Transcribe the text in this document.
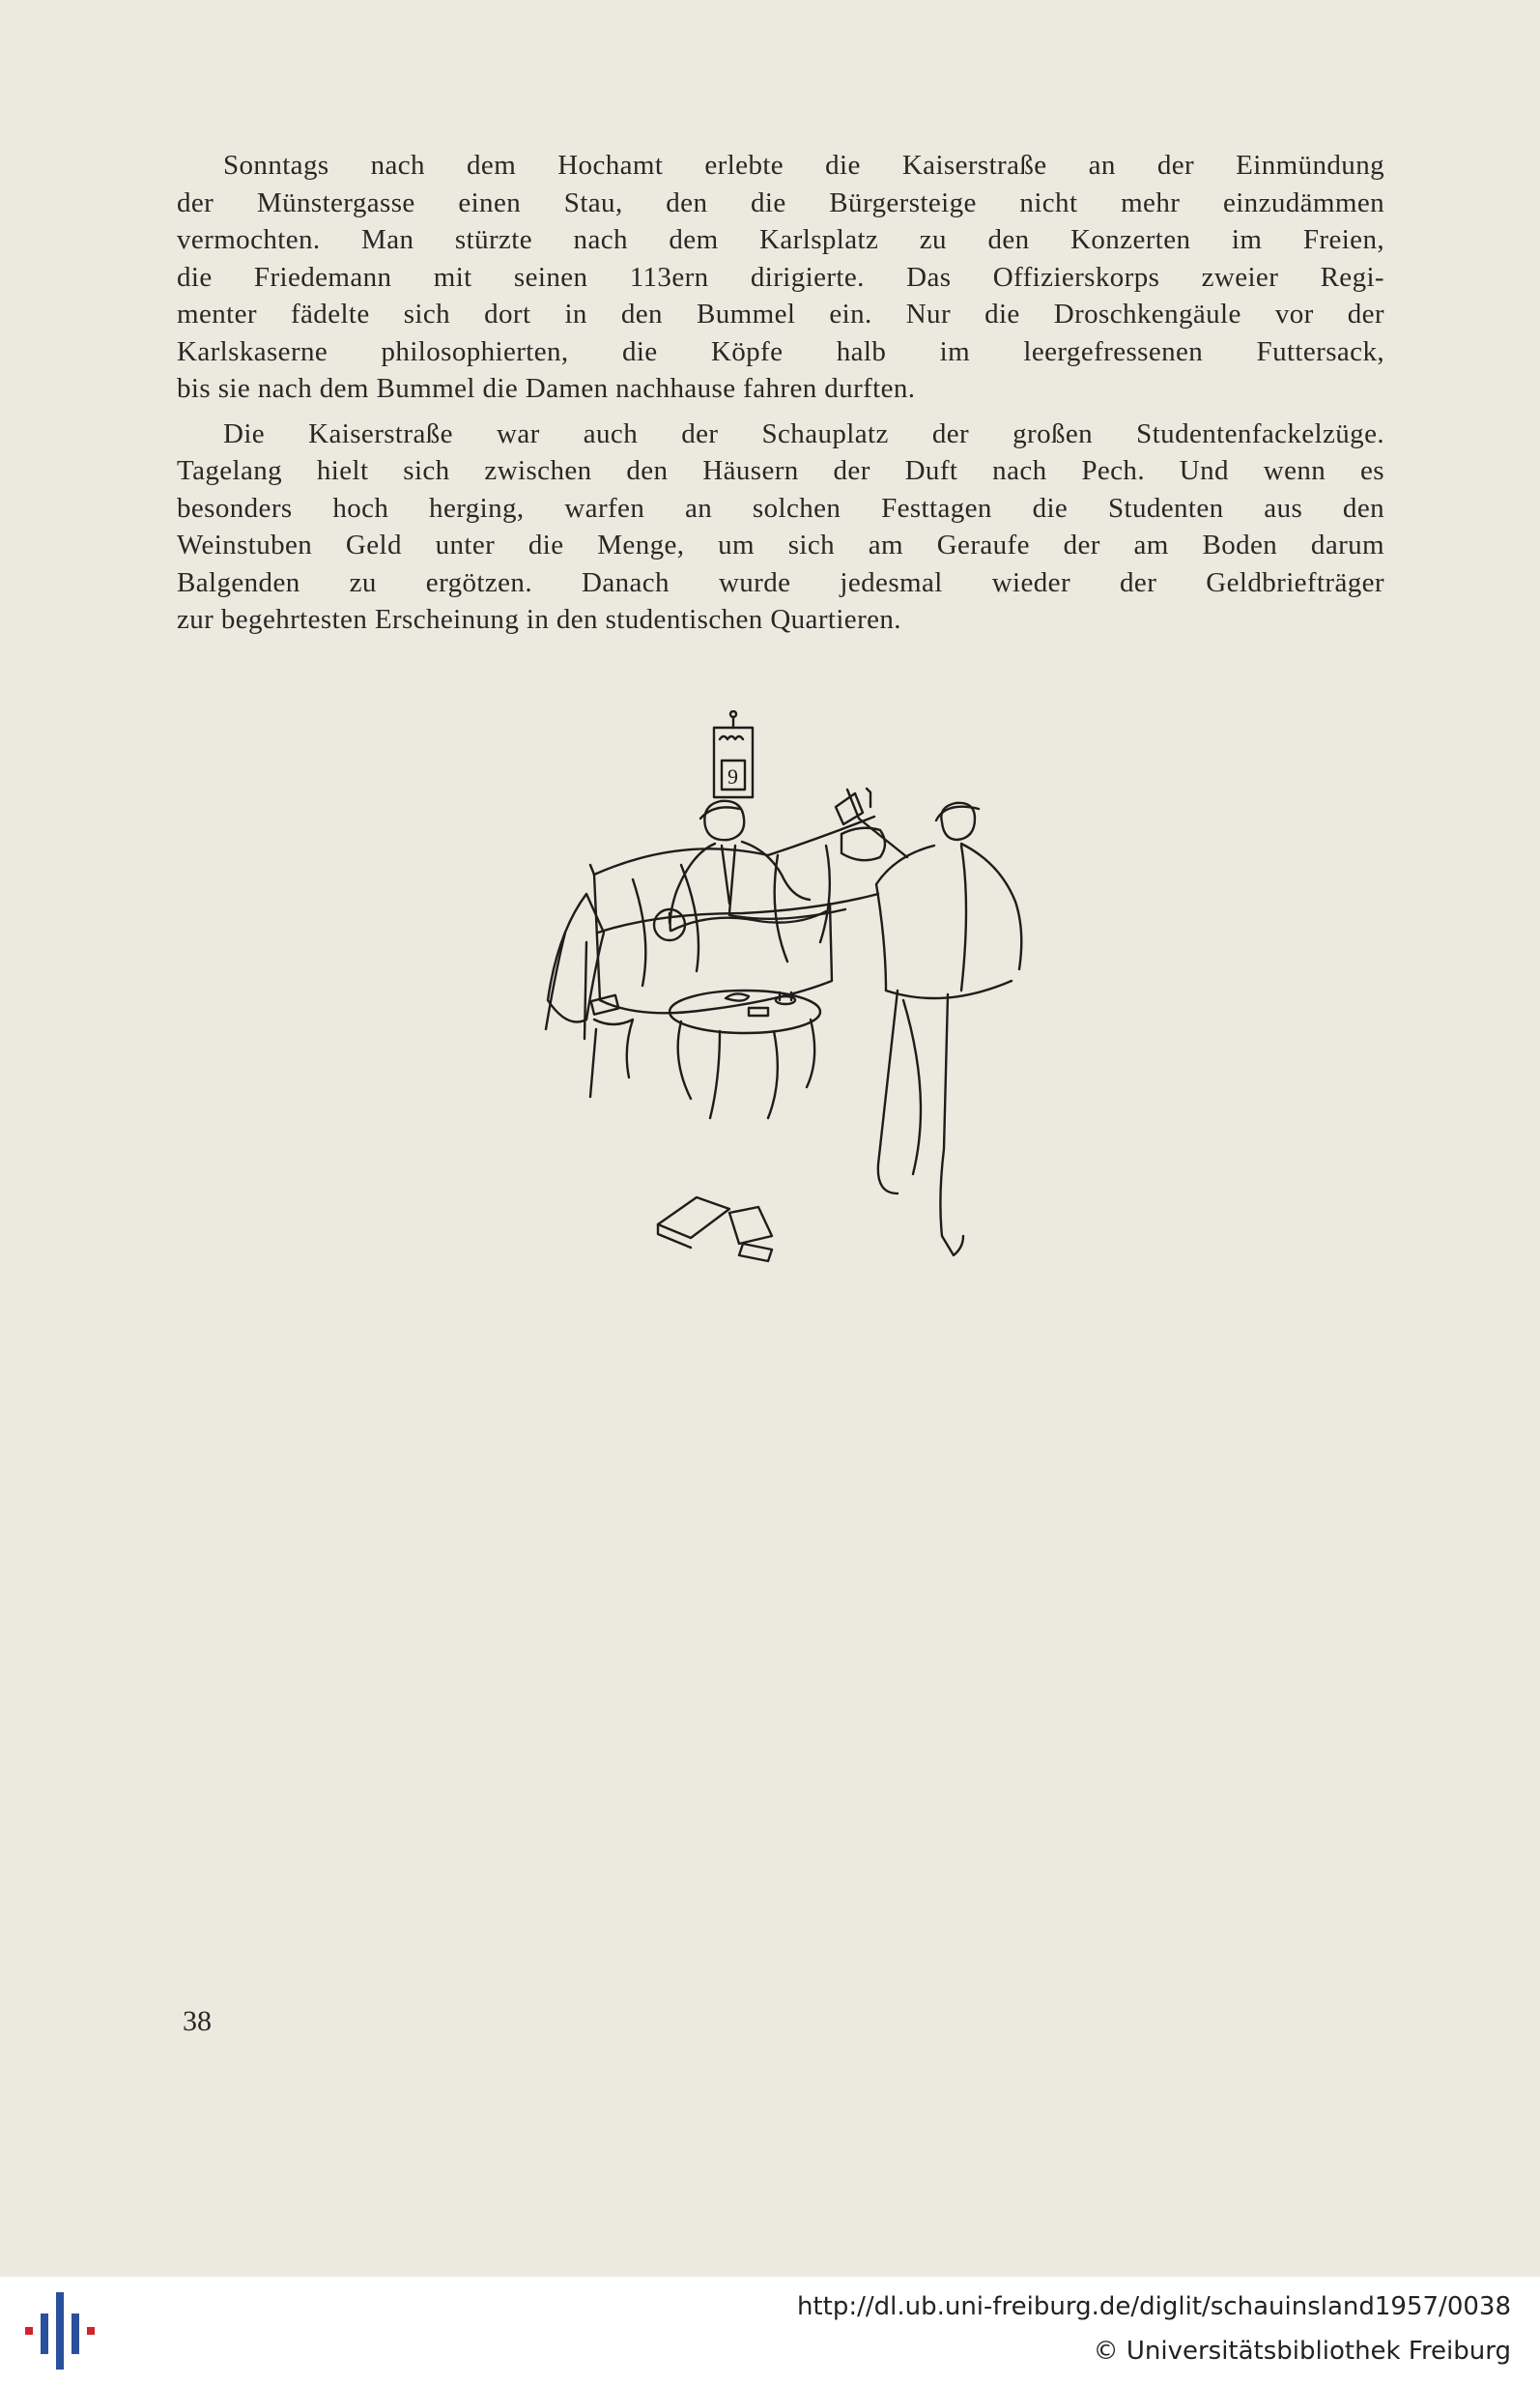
Sonntags nach dem Hochamt erlebte die Kaiserstraße an der Einmündung
der Münstergasse einen Stau, den die Bürgersteige nicht mehr einzudämmen
vermochten. Man stürzte nach dem Karlsplatz zu den Konzerten im Freien,
die Friedemann mit seinen 113ern dirigierte. Das Offizierskorps zweier Regi-
menter fädelte sich dort in den Bummel ein. Nur die Droschkengäule vor der
Karlskaserne philosophierten, die Köpfe halb im leergefressenen Futtersack,
bis sie nach dem Bummel die Damen nachhause fahren durften.

Die Kaiserstraße war auch der Schauplatz der großen Studentenfackelzüge.
Tagelang hielt sich zwischen den Häusern der Duft nach Pech. Und wenn es
besonders hoch herging, warfen an solchen Festtagen die Studenten aus den
Weinstuben Geld unter die Menge, um sich am Geraufe der am Boden darum
Balgenden zu ergötzen. Danach wurde jedesmal wieder der Geldbriefträger
zur begehrtesten Erscheinung in den studentischen Quartieren.

9
38
http://dl.ub.uni-freiburg.de/diglit/schauinsland1957/0038
© Universitätsbibliothek Freiburg
